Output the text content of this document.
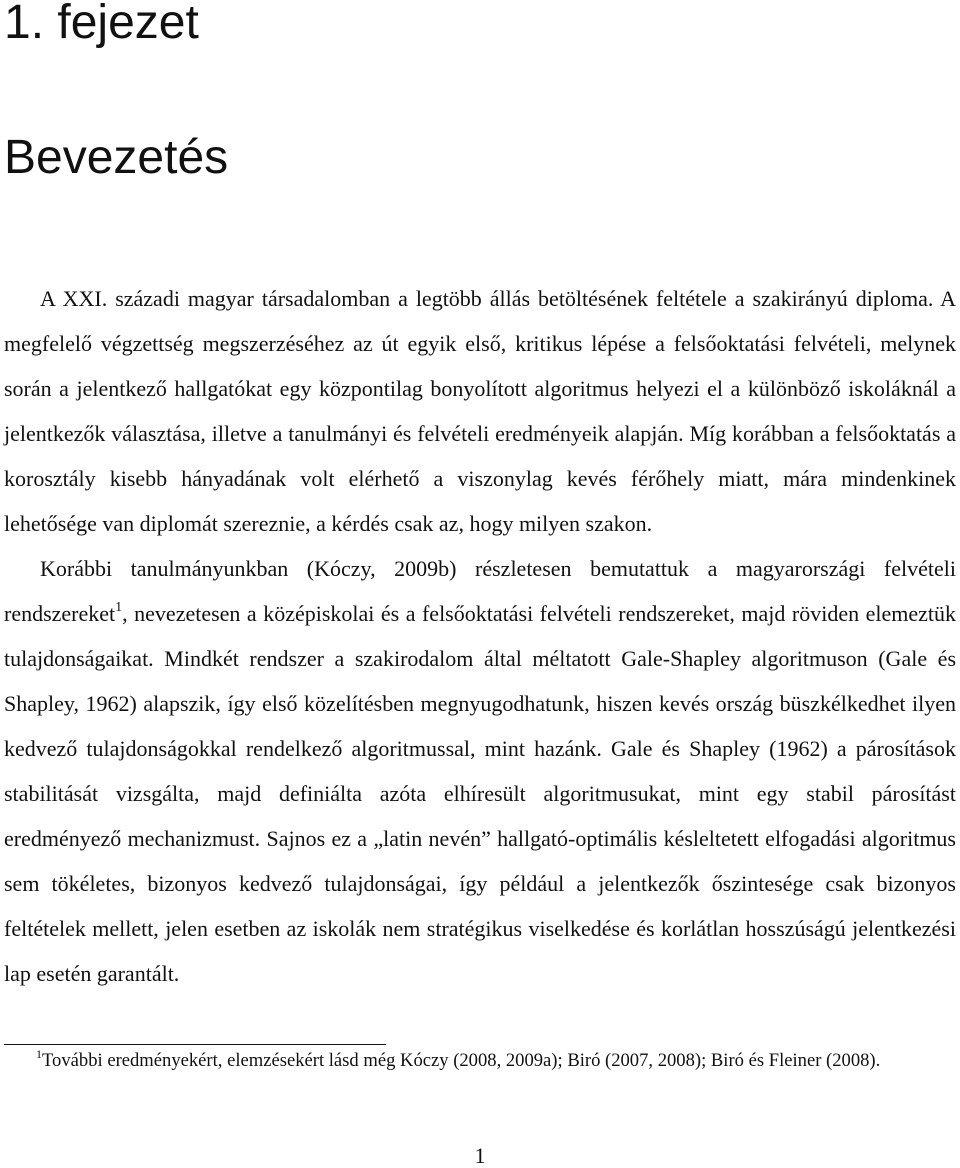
1. fejezet
Bevezetés

A XXI. századi magyar társadalomban a legtöbb állás betöltésének feltétele a szakirányú diploma. A megfelelő végzettség megszerzéséhez az út egyik első, kritikus lépése a felsőoktatási felvételi, melynek során a jelentkező hallgatókat egy központilag bonyolított algoritmus helyezi el a különböző iskoláknál a jelentkezők választása, illetve a tanulmányi és felvételi eredményeik alapján. Míg korábban a felsőoktatás a korosztály kisebb hányadának volt elérhető a viszonylag kevés férőhely miatt, mára mindenkinek lehetősége van diplomát szereznie, a kérdés csak az, hogy milyen szakon.

Korábbi tanulmányunkban (Kóczy, 2009b) részletesen bemutattuk a magyarországi felvételi rendszereket$^1$, nevezetesen a középiskolai és a felsőoktatási felvételi rendszereket, majd röviden elemeztük tulajdonságaikat. Mindkét rendszer a szakirodalom által méltatott Gale-Shapley algoritmuson (Gale és Shapley, 1962) alapszik, így első közelítésben megnyugodhatunk, hiszen kevés ország büszkélkedhet ilyen kedvező tulajdonságokkal rendelkező algoritmussal, mint hazánk. Gale és Shapley (1962) a párosítások stabilitását vizsgálta, majd definiálta azóta elhíresült algoritmusukat, mint egy stabil párosítást eredményező mechanizmust. Sajnos ez a „latin nevén” hallgató-optimális késleltetett elfogadási algoritmus sem tökéletes, bizonyos kedvező tulajdonságai, így például a jelentkezők őszintesége csak bizonyos feltételek mellett, jelen esetben az iskolák nem stratégikus viselkedése és korlátlan hosszúságú jelentkezési lap esetén garantált.

$^1$További eredményekért, elemzésekért lásd még Kóczy (2008, 2009a); Biró (2007, 2008); Biró és Fleiner (2008).

1
